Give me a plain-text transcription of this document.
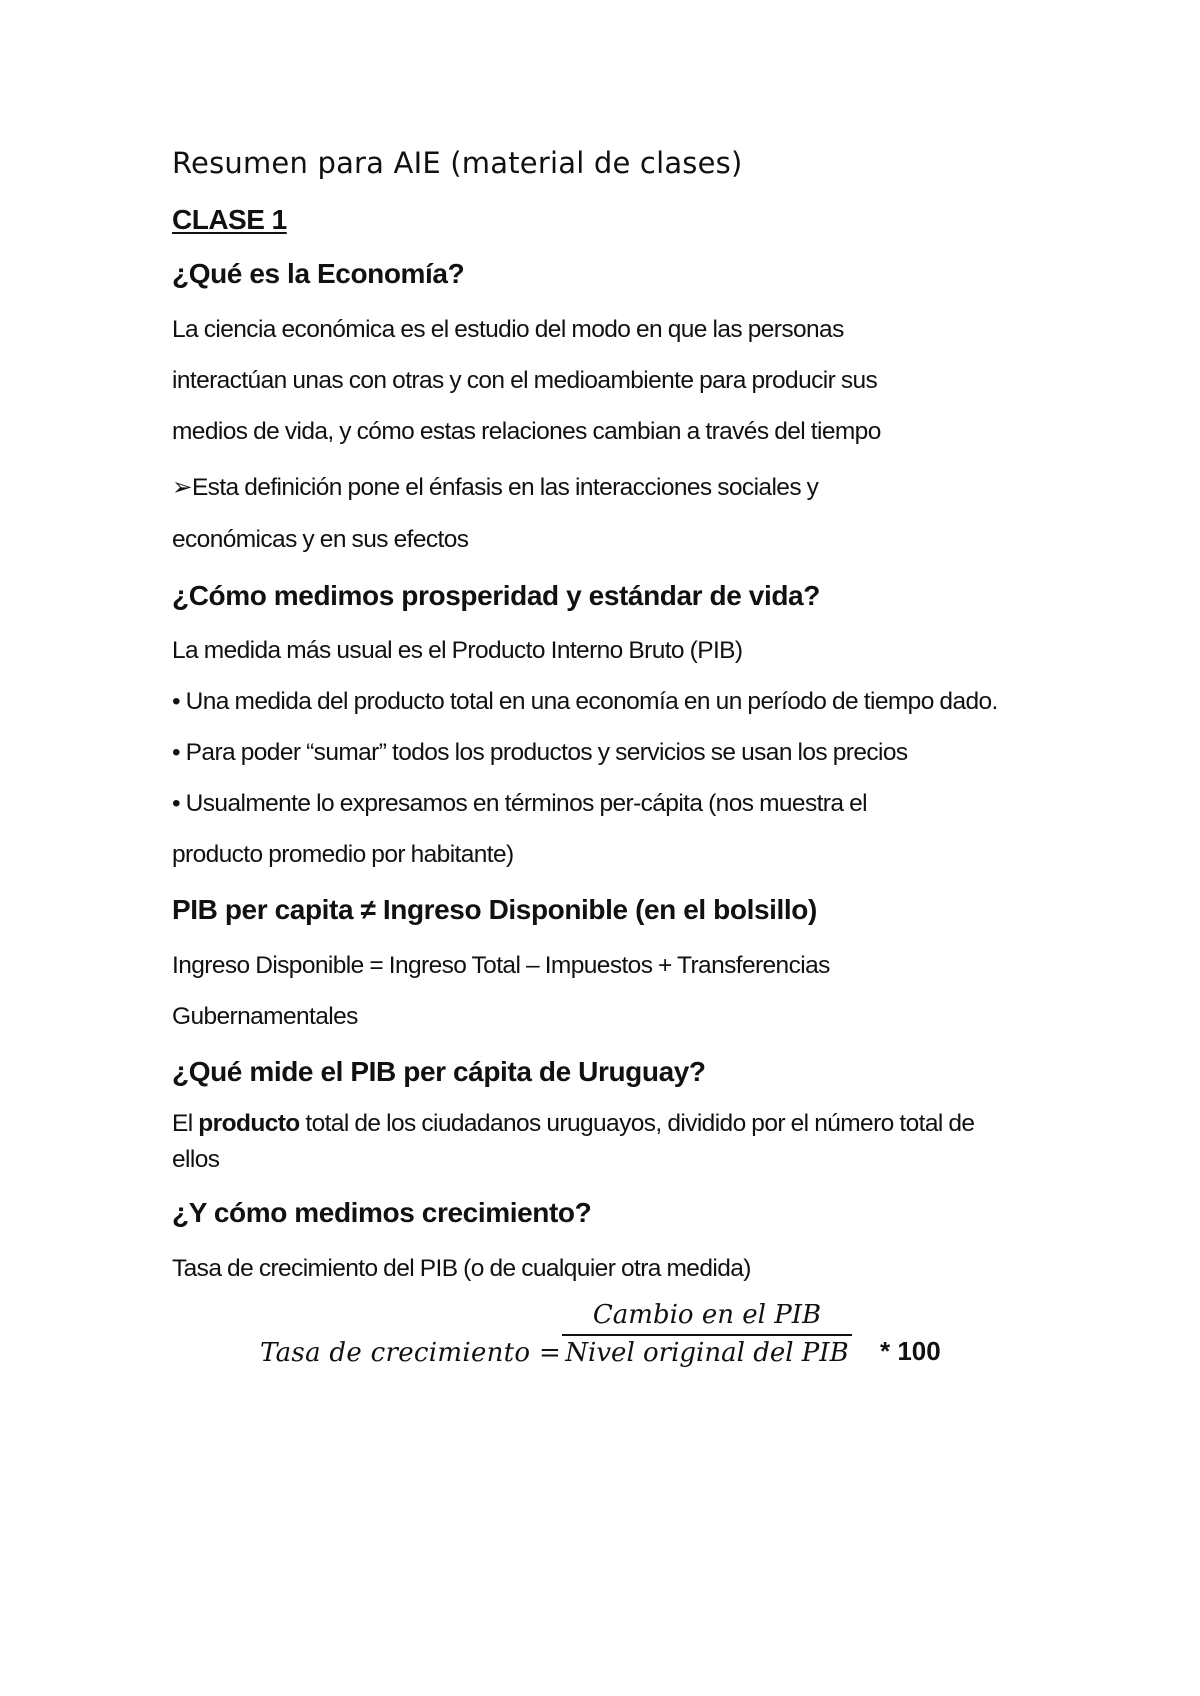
Resumen para AIE (material de clases)
CLASE 1
¿Qué es la Economía?

La ciencia económica es el estudio del modo en que las personas

interactúan unas con otras y con el medioambiente para producir sus

medios de vida, y cómo estas relaciones cambian a través del tiempo

➢Esta definición pone el énfasis en las interacciones sociales y

económicas y en sus efectos

¿Cómo medimos prosperidad y estándar de vida?

La medida más usual es el Producto Interno Bruto (PIB)

• Una medida del producto total en una economía en un período de tiempo dado.

• Para poder “sumar” todos los productos y servicios se usan los precios

• Usualmente lo expresamos en términos per-cápita (nos muestra el

producto promedio por habitante)

PIB per capita ≠ Ingreso Disponible (en el bolsillo)

Ingreso Disponible = Ingreso Total – Impuestos + Transferencias

Gubernamentales

¿Qué mide el PIB per cápita de Uruguay?

El producto total de los ciudadanos uruguayos, dividido por el número total de

ellos

¿Y cómo medimos crecimiento?

Tasa de crecimiento del PIB (o de cualquier otra medida)

Tasa de crecimiento =
Cambio en el PIB
Nivel original del PIB * 100
